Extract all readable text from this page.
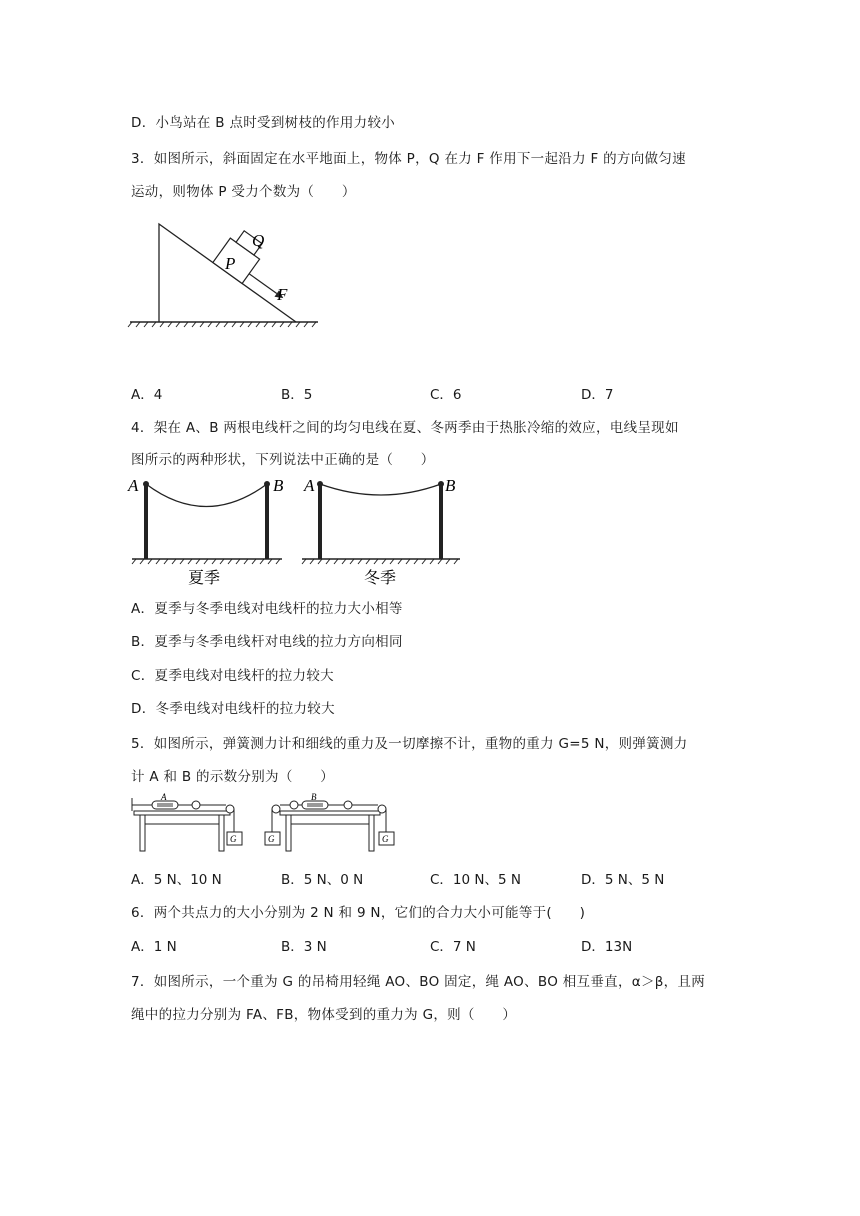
D．小鸟站在 B 点时受到树枝的作用力较小
3．如图所示，斜面固定在水平地面上，物体 P，Q 在力 F 作用下一起沿力 F 的方向做匀速
运动，则物体 P 受力个数为（　　）
Q
P
F
A．4	B．5	C．6	D．7
4．架在 A、B 两根电线杆之间的均匀电线在夏、冬两季由于热胀冷缩的效应，电线呈现如
图所示的两种形状，下列说法中正确的是（　　）
A	B
夏季
A	B
冬季
A．夏季与冬季电线对电线杆的拉力大小相等
B．夏季与冬季电线杆对电线的拉力方向相同
C．夏季电线对电线杆的拉力较大
D．冬季电线对电线杆的拉力较大
5．如图所示，弹簧测力计和细线的重力及一切摩擦不计，重物的重力 G=5 N，则弹簧测力
计 A 和 B 的示数分别为（　　）
A
G
B
G	G
A．5 N、10 N	B．5 N、0 N	C．10 N、5 N	D．5 N、5 N
6．两个共点力的大小分别为 2 N 和 9 N，它们的合力大小可能等于(　　)
A．1 N	B．3 N	C．7 N	D．13N
7．如图所示，一个重为 G 的吊椅用轻绳 AO、BO 固定，绳 AO、BO 相互垂直，α＞β，且两
绳中的拉力分别为 FA、FB，物体受到的重力为 G，则（　　）
